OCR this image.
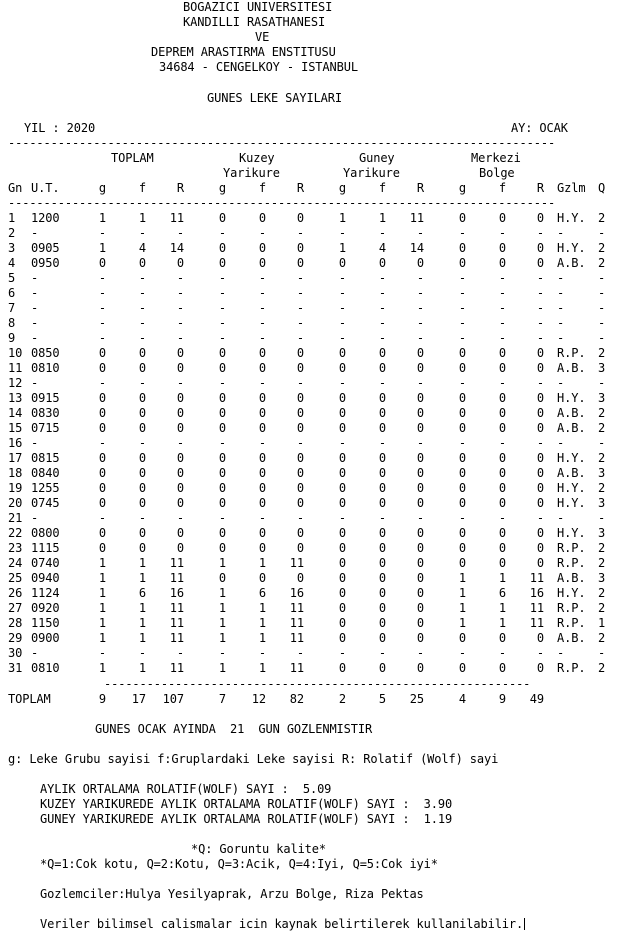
BOGAZICI UNIVERSITESI
KANDILLI RASATHANESI
VE
DEPREM ARASTIRMA ENSTITUSU
34684 - CENGELKOY - ISTANBUL
GUNES LEKE SAYILARI
YIL : 2020	AY: OCAK
-----------------------------------------------------------------------------
TOPLAM	Kuzey
Yarikure
Guney
Yarikure
Merkezi
Bolge
Gn U.T.	g	f	R	g	f	R	g	f	R	g	f	R Gzlm	Q
-----------------------------------------------------------------------------
1	1200	1	1	11	0	0	0	1	1	11	0	0	0 H.Y.	2
2	-	-	-	-	-	-	-	-	-	-	-	-	- -	-
3	0905	1	4	14	0	0	0	1	4	14	0	0	0 H.Y.	2
4	0950	0	0	0	0	0	0	0	0	0	0	0	0 A.B.	2
5	-	-	-	-	-	-	-	-	-	-	-	-	- -	-
6	-	-	-	-	-	-	-	-	-	-	-	-	- -	-
7	-	-	-	-	-	-	-	-	-	-	-	-	- -	-
8	-	-	-	-	-	-	-	-	-	-	-	-	- -	-
9	-	-	-	-	-	-	-	-	-	-	-	-	- -	-
10 0850	0	0	0	0	0	0	0	0	0	0	0	0 R.P.	2
11 0810	0	0	0	0	0	0	0	0	0	0	0	0 A.B.	3
12 -	-	-	-	-	-	-	-	-	-	-	-	- -	-
13 0915	0	0	0	0	0	0	0	0	0	0	0	0 H.Y.	3
14 0830	0	0	0	0	0	0	0	0	0	0	0	0 A.B.	2
15 0715	0	0	0	0	0	0	0	0	0	0	0	0 A.B.	2
16 -	-	-	-	-	-	-	-	-	-	-	-	- -	-
17 0815	0	0	0	0	0	0	0	0	0	0	0	0 H.Y.	2
18 0840	0	0	0	0	0	0	0	0	0	0	0	0 A.B.	3
19 1255	0	0	0	0	0	0	0	0	0	0	0	0 H.Y.	2
20 0745	0	0	0	0	0	0	0	0	0	0	0	0 H.Y.	3
21 -	-	-	-	-	-	-	-	-	-	-	-	- -	-
22 0800	0	0	0	0	0	0	0	0	0	0	0	0 H.Y.	3
23 1115	0	0	0	0	0	0	0	0	0	0	0	0 R.P.	2
24 0740	1	1	11	1	1	11	0	0	0	0	0	0 R.P.	2
25 0940	1	1	11	0	0	0	0	0	0	1	1	11 A.B.	3
26 1124	1	6	16	1	6	16	0	0	0	1	6	16 H.Y.	2
27 0920	1	1	11	1	1	11	0	0	0	1	1	11 R.P.	2
28 1150	1	1	11	1	1	11	0	0	0	1	1	11 R.P.	1
29 0900	1	1	11	1	1	11	0	0	0	0	0	0 A.B.	2
30 -	-	-	-	-	-	-	-	-	-	-	-	- -	-
31 0810	1	1	11	1	1	11	0	0	0	0	0	0 R.P.	2
------------------------------------------------------------
TOPLAM	9	17	107	7	12	82	2	5	25	4	9	49
GUNES OCAK AYINDA  21  GUN GOZLENMISTIR
g: Leke Grubu sayisi f:Gruplardaki Leke sayisi R: Rolatif (Wolf) sayi
AYLIK ORTALAMA ROLATIF(WOLF) SAYI :  5.09
KUZEY YARIKUREDE AYLIK ORTALAMA ROLATIF(WOLF) SAYI :  3.90
GUNEY YARIKUREDE AYLIK ORTALAMA ROLATIF(WOLF) SAYI :  1.19
*Q: Goruntu kalite*
*Q=1:Cok kotu, Q=2:Kotu, Q=3:Acik, Q=4:Iyi, Q=5:Cok iyi*
Gozlemciler:Hulya Yesilyaprak, Arzu Bolge, Riza Pektas
Veriler bilimsel calismalar icin kaynak belirtilerek kullanilabilir.
